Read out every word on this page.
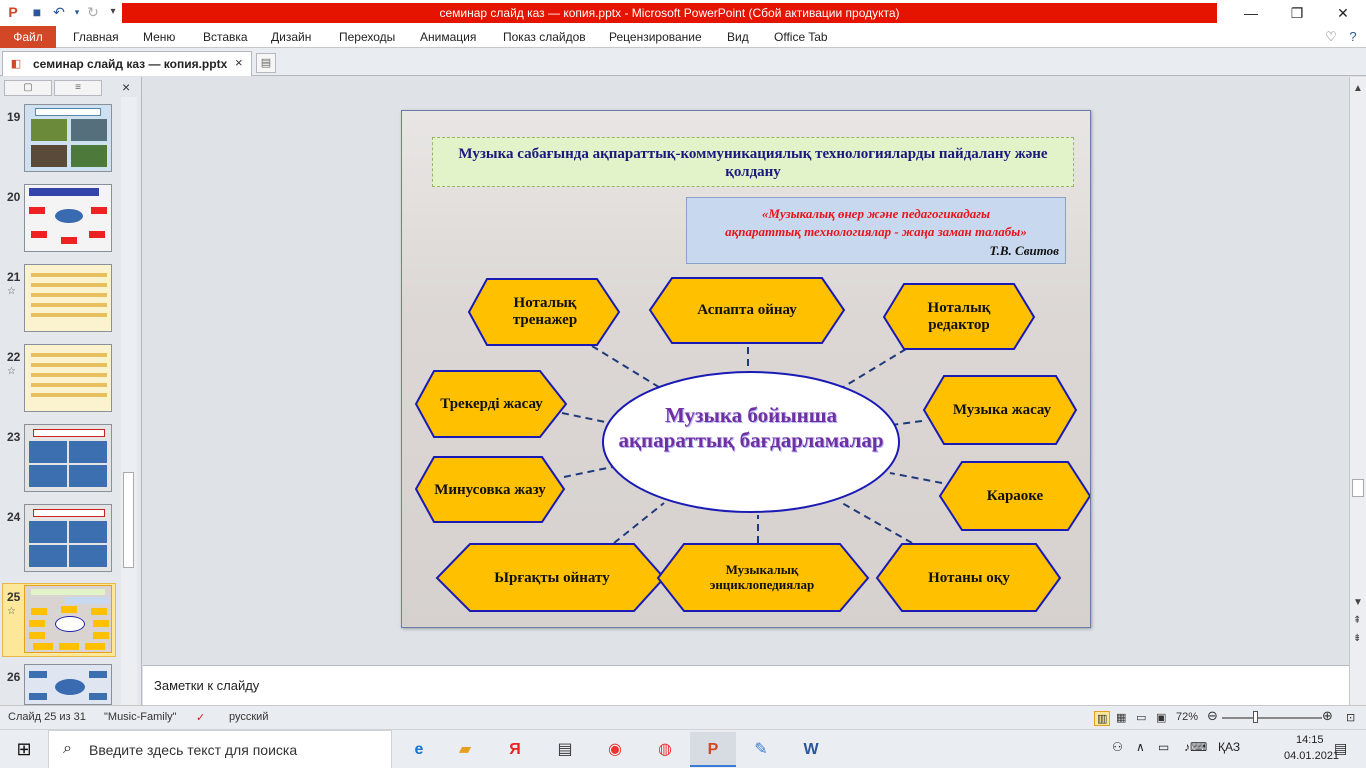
P	■ ↶	▾ ↻	▾	семинар слайд каз — копия.pptx - Microsoft PowerPoint (Сбой активации продукта)	—	❐	✕
Файл	Главная Меню Вставка Дизайн Переходы Анимация Показ слайдов Рецензирование Вид Office Tab	♡ ?
◧ семинар слайд каз — копия.pptx ×	▤
▢	≡	×
19
20
21
☆
22
☆
23
24
25
☆
26
▲
▼
⇞
⇟
Музыка сабағында ақпараттық-коммуникациялық технологияларды пайдалану және қолдану
«Музыкалық өнер және педагогикадағы
ақпараттық технологиялар - жаңа заман талабы»
Т.В. Свитов
Музыка бойынша ақпараттық бағдарламалар
Ноталық тренажер
Аспапта ойнау	Ноталық редактор
Трекерді жасау	Музыка жасау
Минусовка жазу	Караоке
Ырғақты ойнату	Музыкалық энциклопедиялар	Нотаны оқу
Заметки к слайду
Слайд 25 из 31 "Music-Family" ✓ русский	▥ ▦ ▭ ▣ 72% ⊖	⊕ ⊡
⊞	⌕ Введите здесь текст для поиска	e	▰	Я	▤	◉	◍	P	✎	W	⚇ ∧ ▭ ♪ ⌨ ҚАЗ	14:15
04.01.2021
▤
